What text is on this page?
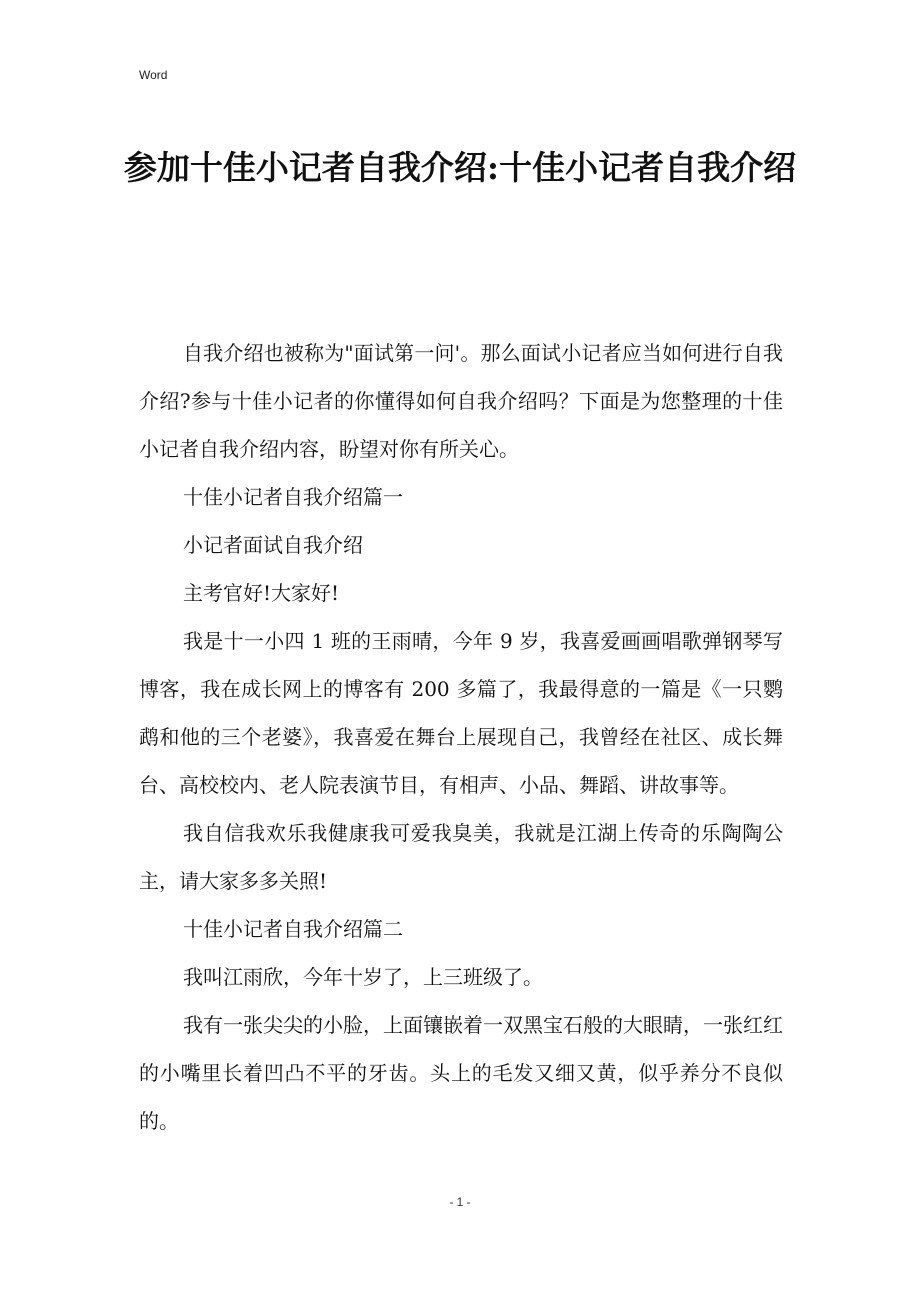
Word
参加十佳小记者自我介绍:十佳小记者自我介绍

自我介绍也被称为"面试第一问'。那么面试小记者应当如何进行自我介绍?参与十佳小记者的你懂得如何自我介绍吗？下面是为您整理的十佳小记者自我介绍内容，盼望对你有所关心。

十佳小记者自我介绍篇一

小记者面试自我介绍

主考官好!大家好!

我是十一小四 1 班的王雨晴，今年 9 岁，我喜爱画画唱歌弹钢琴写博客，我在成长网上的博客有 200 多篇了，我最得意的一篇是《一只鹦鹉和他的三个老婆》，我喜爱在舞台上展现自己，我曾经在社区、成长舞台、高校校内、老人院表演节目，有相声、小品、舞蹈、讲故事等。

我自信我欢乐我健康我可爱我臭美，我就是江湖上传奇的乐陶陶公主，请大家多多关照!

十佳小记者自我介绍篇二

我叫江雨欣，今年十岁了，上三班级了。

我有一张尖尖的小脸，上面镶嵌着一双黑宝石般的大眼睛，一张红红的小嘴里长着凹凸不平的牙齿。头上的毛发又细又黄，似乎养分不良似的。

- 1 -
